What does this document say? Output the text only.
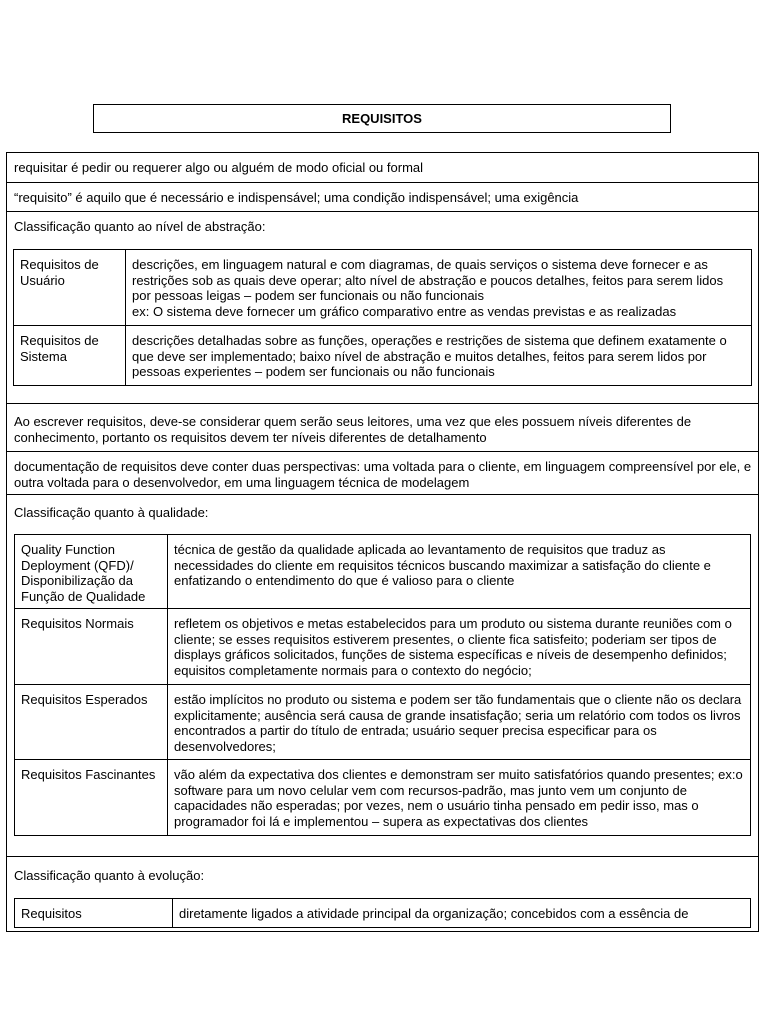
REQUISITOS
requisitar é pedir ou requerer algo ou alguém de modo oficial ou formal
“requisito” é aquilo que é necessário e indispensável; uma condição indispensável; uma exigência
Classificação quanto ao nível de abstração:
Requisitos de Usuário	descrições, em linguagem natural e com diagramas, de quais serviços o sistema deve fornecer e as restrições sob as quais deve operar; alto nível de abstração e poucos detalhes, feitos para serem lidos por pessoas leigas – podem ser funcionais ou não funcionais
ex: O sistema deve fornecer um gráfico comparativo entre as vendas previstas e as realizadas

Requisitos de Sistema	descrições detalhadas sobre as funções, operações e restrições de sistema que definem exatamente o que deve ser implementado; baixo nível de abstração e muitos detalhes, feitos para serem lidos por pessoas experientes – podem ser funcionais ou não funcionais
Ao escrever requisitos, deve-se considerar quem serão seus leitores, uma vez que eles possuem níveis diferentes de conhecimento, portanto os requisitos devem ter níveis diferentes de detalhamento
documentação de requisitos deve conter duas perspectivas: uma voltada para o cliente, em linguagem compreensível por ele, e outra voltada para o desenvolvedor, em uma linguagem técnica de modelagem
Classificação quanto à qualidade:
Quality Function Deployment (QFD)/ Disponibilização da Função de Qualidade	técnica de gestão da qualidade aplicada ao levantamento de requisitos que traduz as necessidades do cliente em requisitos técnicos buscando maximizar a satisfação do cliente e enfatizando o entendimento do que é valioso para o cliente
Requisitos Normais	refletem os objetivos e metas estabelecidos para um produto ou sistema durante reuniões com o cliente; se esses requisitos estiverem presentes, o cliente fica satisfeito; poderiam ser tipos de displays gráficos solicitados, funções de sistema específicas e níveis de desempenho definidos; equisitos completamente normais para o contexto do negócio;
Requisitos Esperados	estão implícitos no produto ou sistema e podem ser tão fundamentais que o cliente não os declara explicitamente; ausência será causa de grande insatisfação; seria um relatório com todos os livros encontrados a partir do título de entrada; usuário sequer precisa especificar para os desenvolvedores;
Requisitos Fascinantes	vão além da expectativa dos clientes e demonstram ser muito satisfatórios quando presentes; ex:o software para um novo celular vem com recursos-padrão, mas junto vem um conjunto de capacidades não esperadas; por vezes, nem o usuário tinha pensado em pedir isso, mas o programador foi lá e implementou – supera as expectativas dos clientes
Classificação quanto à evolução:
Requisitos	diretamente ligados a atividade principal da organização; concebidos com a essência de
